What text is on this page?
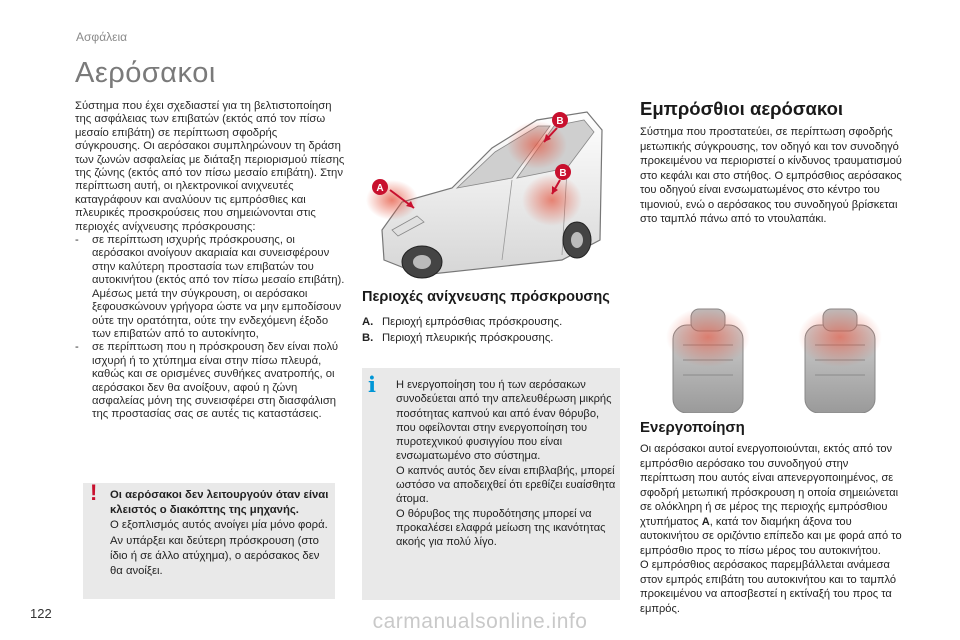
Ασφάλεια
Αερόσακοι

Σύστημα που έχει σχεδιαστεί για τη βελτιστοποίηση της ασφάλειας των επιβατών (εκτός από τον πίσω μεσαίο επιβάτη) σε περίπτωση σφοδρής σύγκρουσης. Οι αερόσακοι συμπληρώνουν τη δράση των ζωνών ασφαλείας με διάταξη περιορισμού πίεσης της ζώνης (εκτός από τον πίσω μεσαίο επιβάτη). Στην περίπτωση αυτή, οι ηλεκτρονικοί ανιχνευτές καταγράφουν και αναλύουν τις εμπρόσθιες και πλευρικές προσκρούσεις που σημειώνονται στις περιοχές ανίχνευσης πρόσκρουσης:

-	σε περίπτωση ισχυρής πρόσκρουσης, οι αερόσακοι ανοίγουν ακαριαία και συνεισφέρουν στην καλύτερη προστασία των επιβατών του αυτοκινήτου (εκτός από τον πίσω μεσαίο επιβάτη). Αμέσως μετά την σύγκρουση, οι αερόσακοι ξεφουσκώνουν γρήγορα ώστε να μην εμποδίσουν ούτε την ορατότητα, ούτε την ενδεχόμενη έξοδο των επιβατών από το αυτοκίνητο,
-	σε περίπτωση που η πρόσκρουση δεν είναι πολύ ισχυρή ή το χτύπημα είναι στην πίσω πλευρά, καθώς και σε ορισμένες συνθήκες ανατροπής, οι αερόσακοι δεν θα ανοίξουν, αφού η ζώνη ασφαλείας μόνη της συνεισφέρει στη διασφάλιση της προστασίας σας σε αυτές τις καταστάσεις.
!	Οι αερόσακοι δεν λειτουργούν όταν είναι κλειστός ο διακόπτης της μηχανής.
Ο εξοπλισμός αυτός ανοίγει μία μόνο φορά. Αν υπάρξει και δεύτερη πρόσκρουση (στο ίδιο ή σε άλλο ατύχημα), ο αερόσακος δεν θα ανοίξει.
A
B
B
Περιοχές ανίχνευσης πρόσκρουσης
A. Περιοχή εμπρόσθιας πρόσκρουσης.
B. Περιοχή πλευρικής πρόσκρουσης.
i Η ενεργοποίηση του ή των αερόσακων συνοδεύεται από την απελευθέρωση μικρής ποσότητας καπνού και από έναν θόρυβο, που οφείλονται στην ενεργοποίηση του πυροτεχνικού φυσιγγίου που είναι ενσωματωμένο στο σύστημα.
Ο καπνός αυτός δεν είναι επιβλαβής, μπορεί ωστόσο να αποδειχθεί ότι ερεθίζει ευαίσθητα άτομα.
Ο θόρυβος της πυροδότησης μπορεί να προκαλέσει ελαφρά μείωση της ικανότητας ακοής για πολύ λίγο.
Εμπρόσθιοι αερόσακοι
Σύστημα που προστατεύει, σε περίπτωση σφοδρής μετωπικής σύγκρουσης, τον οδηγό και τον συνοδηγό προκειμένου να περιοριστεί ο κίνδυνος τραυματισμού στο κεφάλι και στο στήθος. Ο εμπρόσθιος αερόσακος του οδηγού είναι ενσωματωμένος στο κέντρο του τιμονιού, ενώ ο αερόσακος του συνοδηγού βρίσκεται στο ταμπλό πάνω από το ντουλαπάκι.
Ενεργοποίηση
Οι αερόσακοι αυτοί ενεργοποιούνται, εκτός από τον εμπρόσθιο αερόσακο του συνοδηγού στην περίπτωση που αυτός είναι απενεργοποιημένος, σε σφοδρή μετωπική πρόσκρουση η οποία σημειώνεται σε ολόκληρη ή σε μέρος της περιοχής εμπρόσθιου χτυπήματος A, κατά τον διαμήκη άξονα του αυτοκινήτου σε οριζόντιο επίπεδο και με φορά από το εμπρόσθιο προς το πίσω μέρος του αυτοκινήτου.
Ο εμπρόσθιος αερόσακος παρεμβάλλεται ανάμεσα στον εμπρός επιβάτη του αυτοκινήτου και το ταμπλό προκειμένου να αποσβεστεί η εκτίναξή του προς τα εμπρός.
122	carmanualsonline.info
